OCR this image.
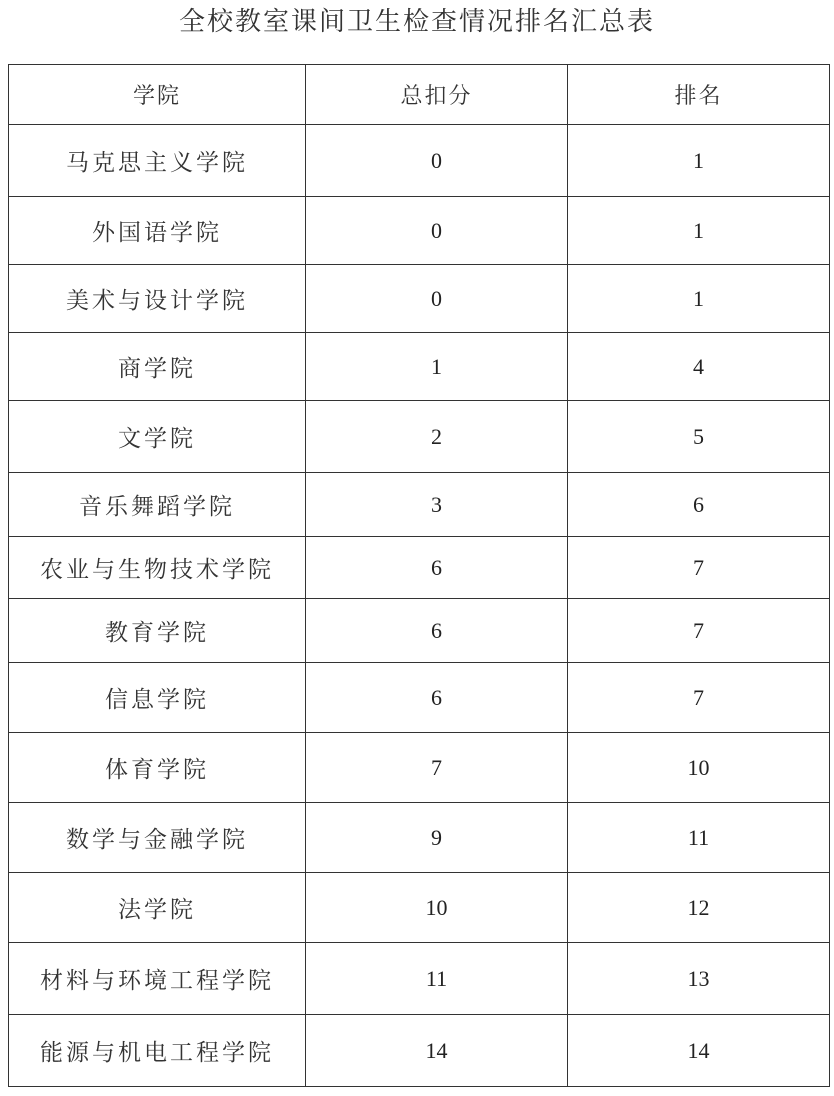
全校教室课间卫生检查情况排名汇总表
学院	总扣分	排名
马克思主义学院	0	1
外国语学院	0	1
美术与设计学院	0	1
商学院	1	4
文学院	2	5
音乐舞蹈学院	3	6
农业与生物技术学院	6	7
教育学院	6	7
信息学院	6	7
体育学院	7	10
数学与金融学院	9	11
法学院	10	12
材料与环境工程学院	11	13
能源与机电工程学院	14	14
